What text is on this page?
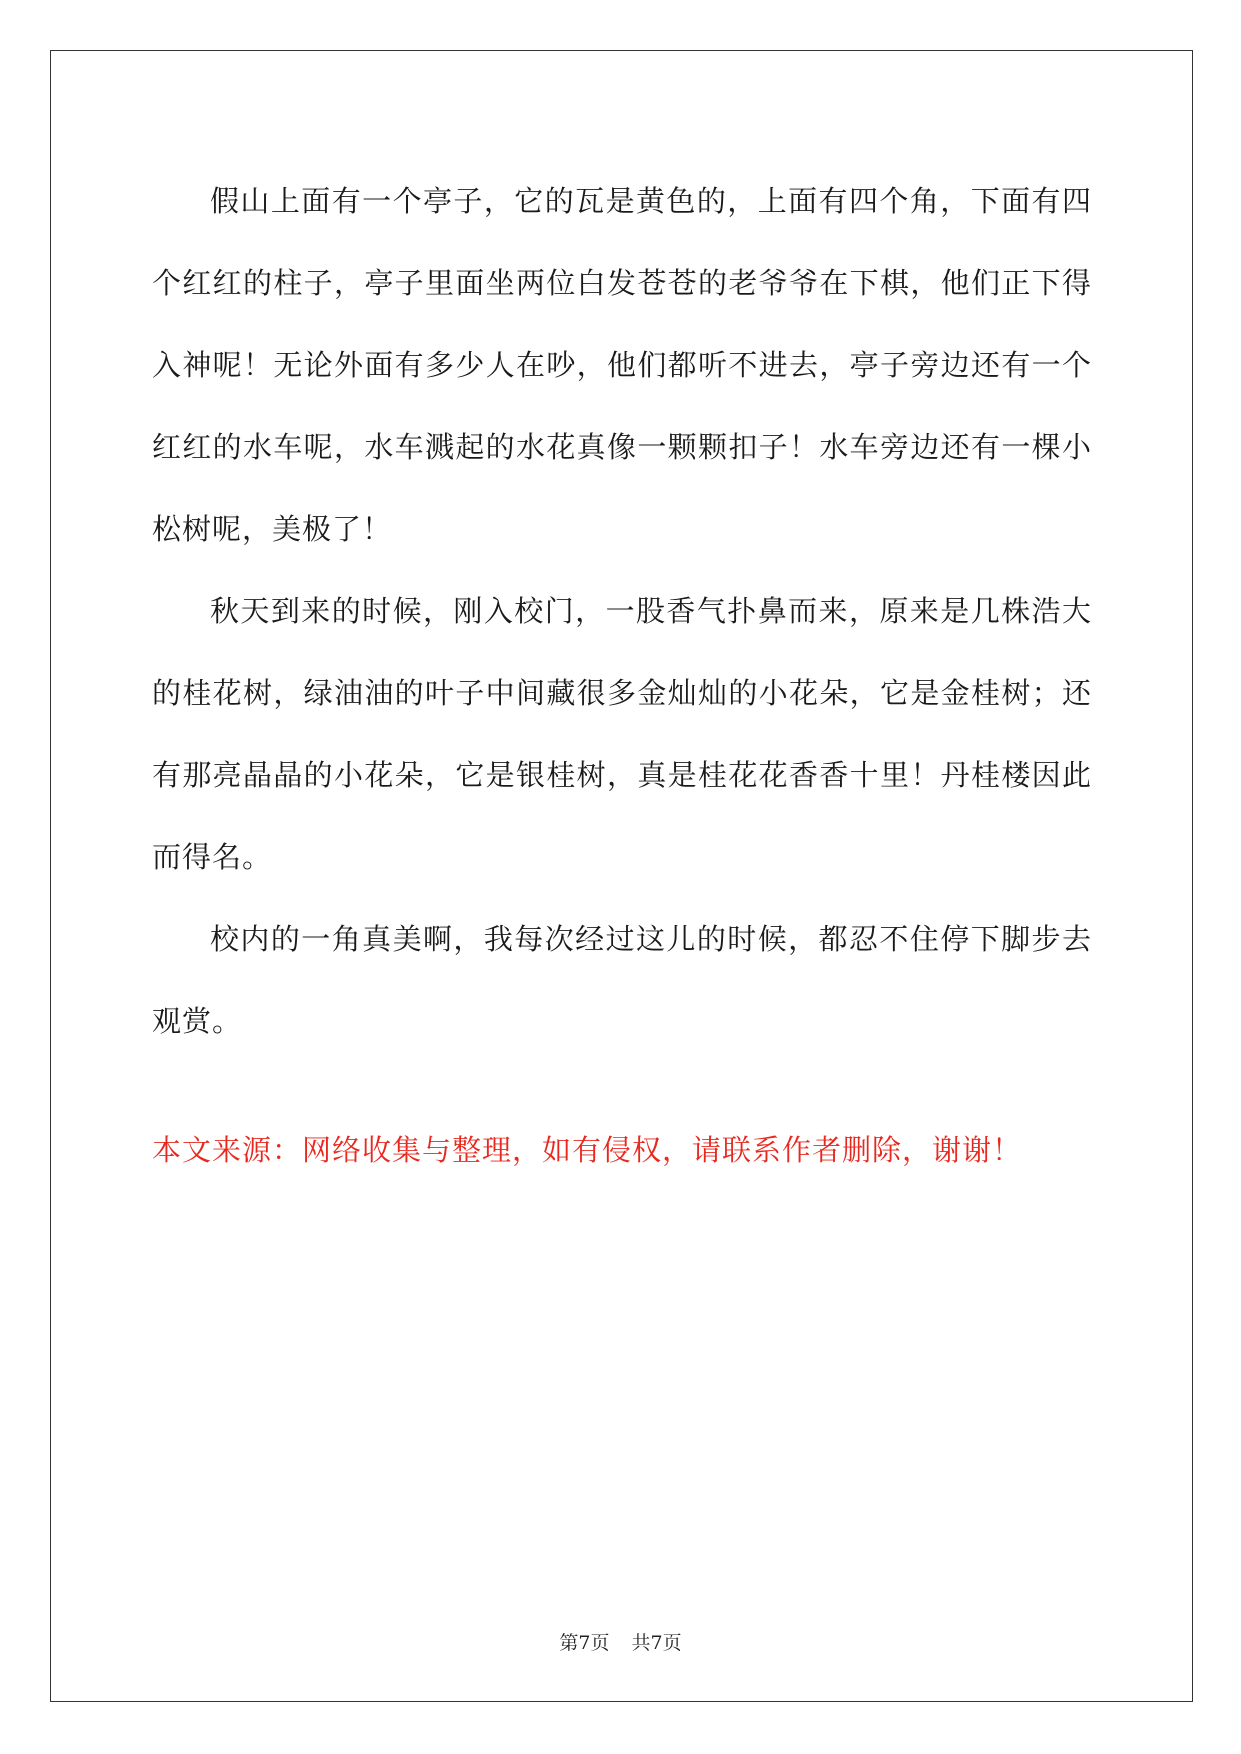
假山上面有一个亭子，它的瓦是黄色的，上面有四个角，下面有四个红红的柱子，亭子里面坐两位白发苍苍的老爷爷在下棋，他们正下得入神呢！无论外面有多少人在吵，他们都听不进去，亭子旁边还有一个红红的水车呢，水车溅起的水花真像一颗颗扣子！水车旁边还有一棵小松树呢，美极了！

秋天到来的时候，刚入校门，一股香气扑鼻而来，原来是几株浩大的桂花树，绿油油的叶子中间藏很多金灿灿的小花朵，它是金桂树；还有那亮晶晶的小花朵，它是银桂树，真是桂花花香香十里！丹桂楼因此而得名。

校内的一角真美啊，我每次经过这儿的时候，都忍不住停下脚步去观赏。

本文来源：网络收集与整理，如有侵权，请联系作者删除，谢谢！

第7页 共7页
